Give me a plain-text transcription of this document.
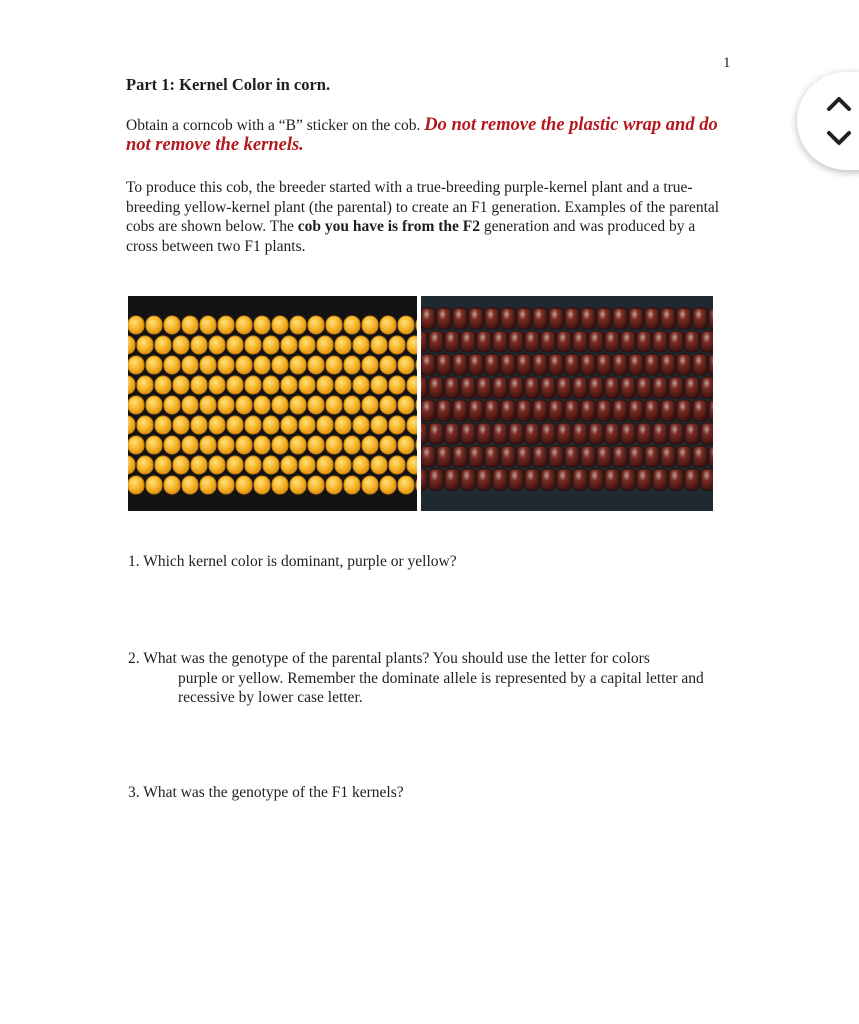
1
Part 1: Kernel Color in corn.

Obtain a corncob with a “B” sticker on the cob. Do not remove the plastic wrap and do not remove the kernels.

To produce this cob, the breeder started with a true-breeding purple-kernel plant and a true-breeding yellow-kernel plant (the parental) to create an F1 generation. Examples of the parental cobs are shown below. The cob you have is from the F2 generation and was produced by a cross between two F1 plants.

1. Which kernel color is dominant, purple or yellow?

2. What was the genotype of the parental plants? You should use the letter for colors
purple or yellow. Remember the dominate allele is represented by a capital letter and recessive by lower case letter.

3. What was the genotype of the F1 kernels?
